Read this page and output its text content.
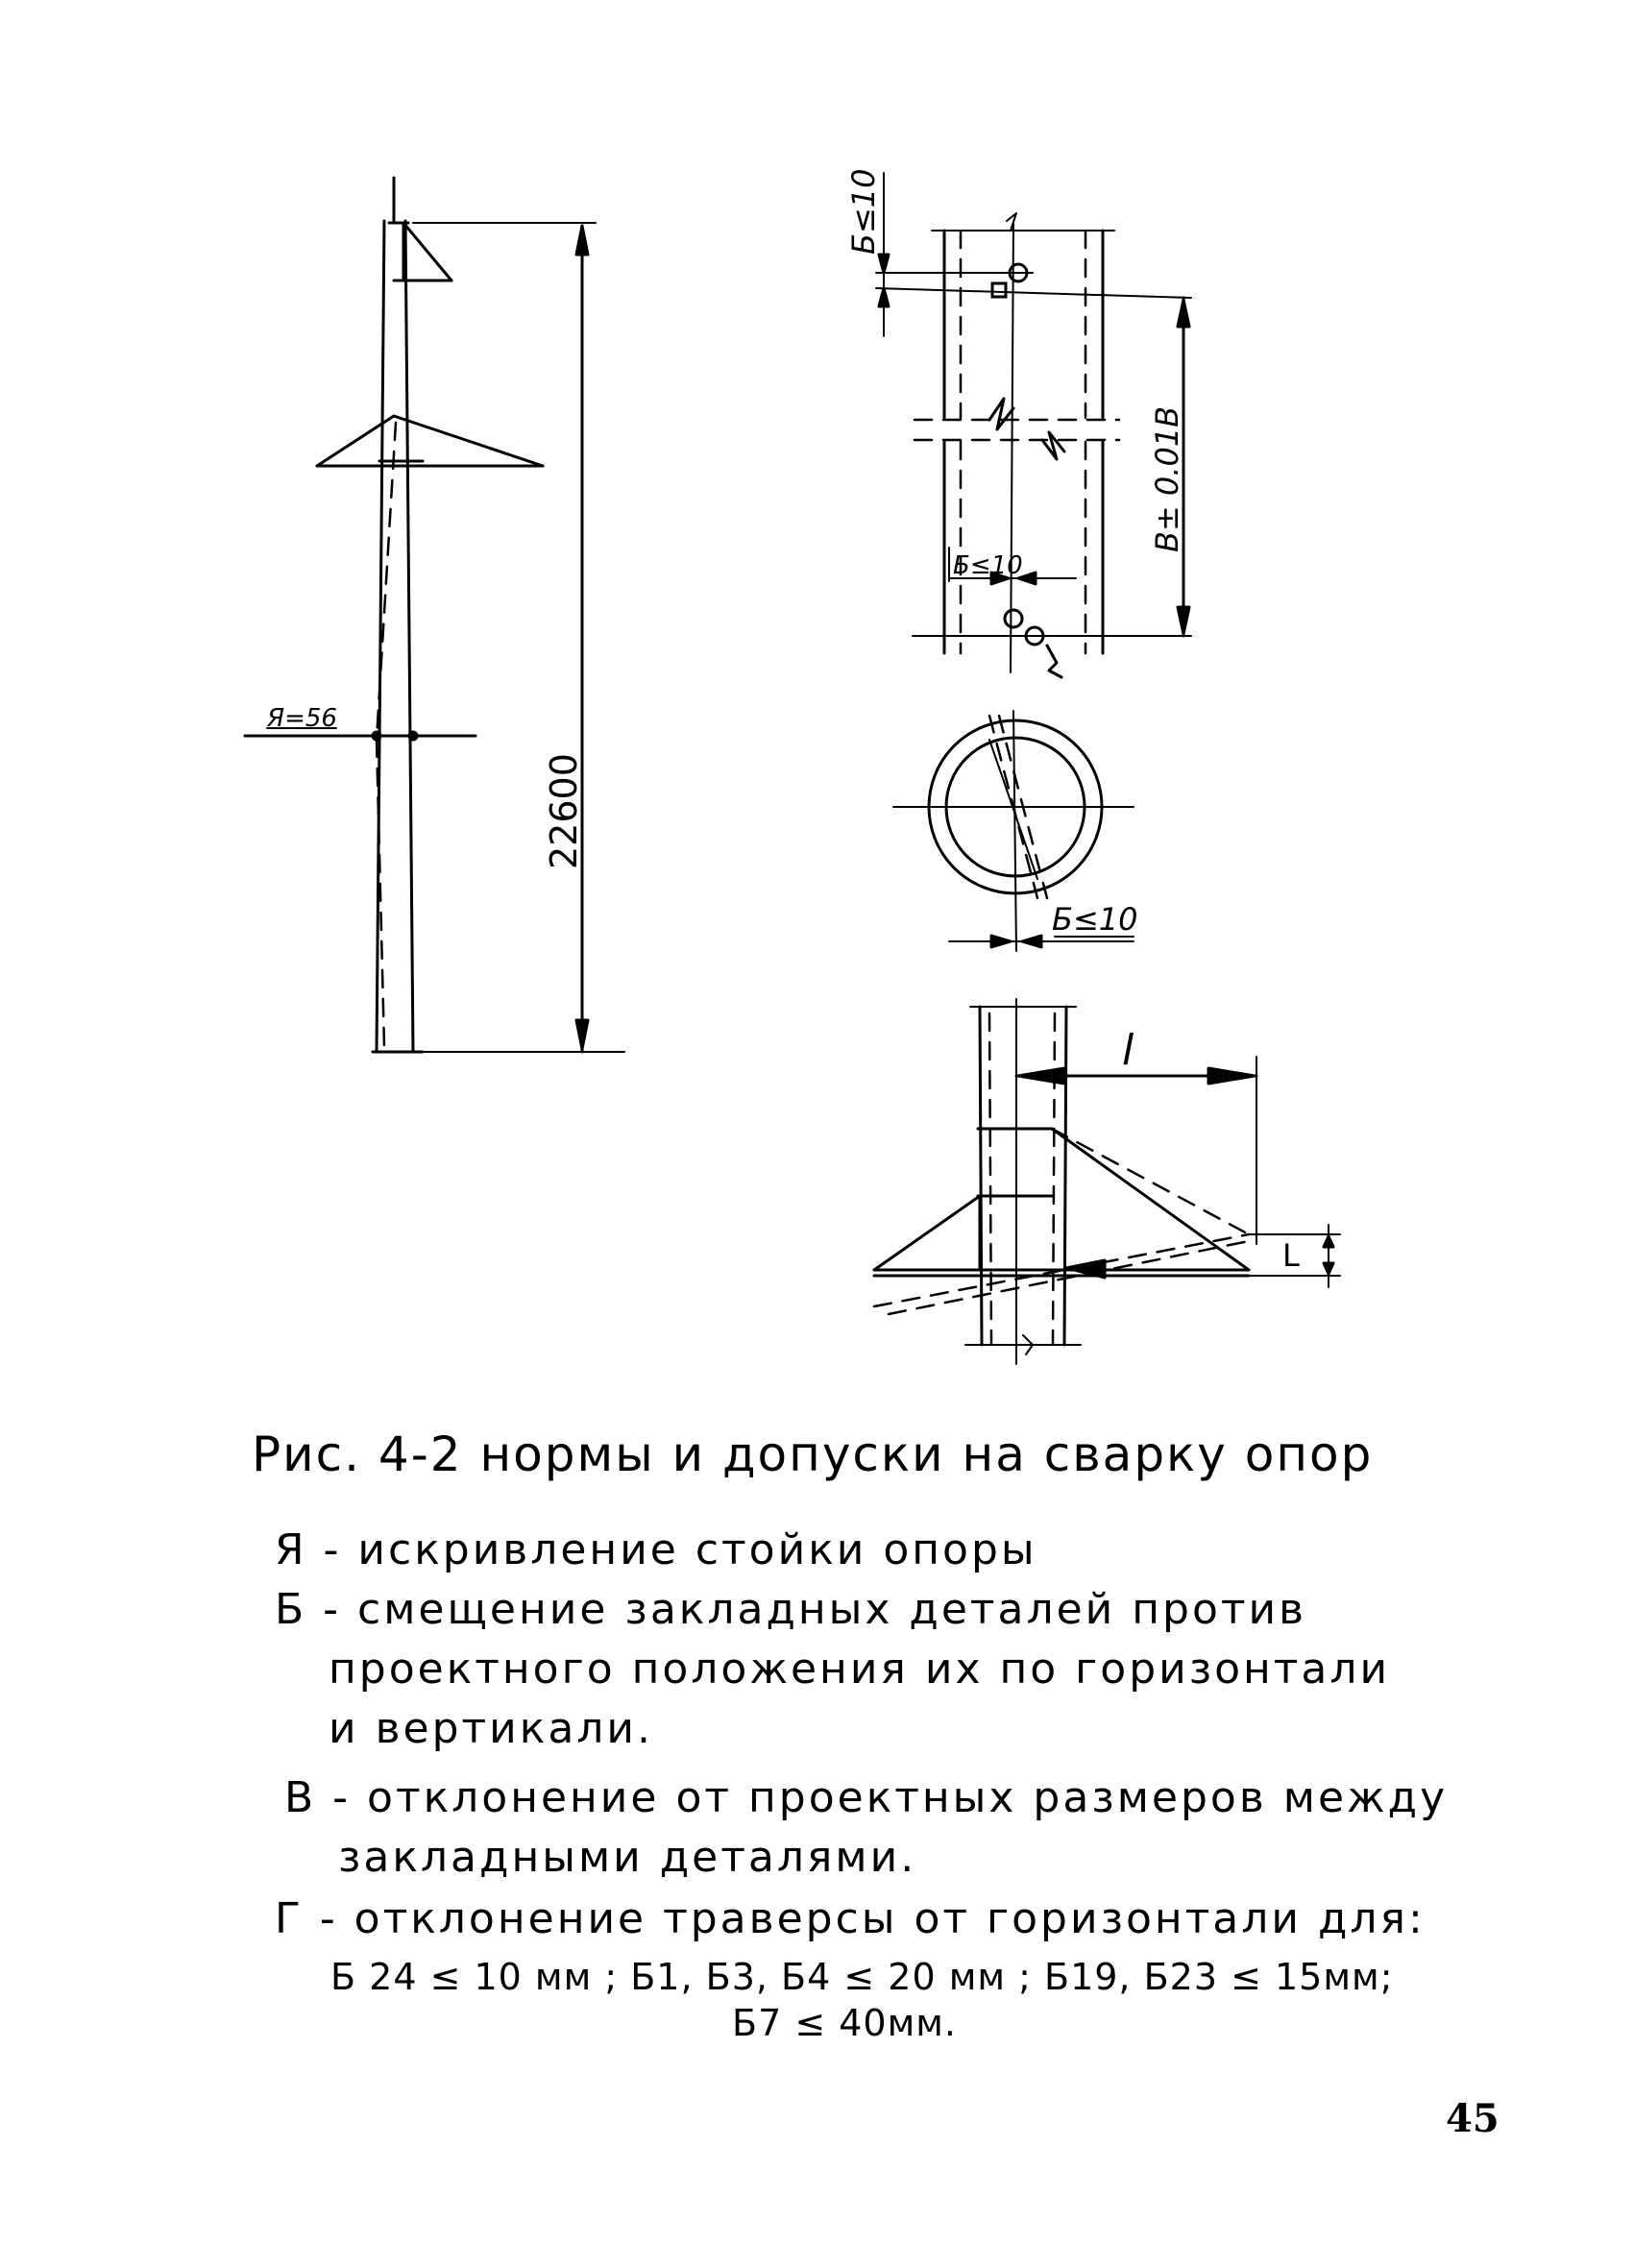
Я=56
22600
Б≤10
В± 0.01В
Б≤10
Б≤10
l
L
Рис. 4-2 нормы и допуски на сварку опор
Я - искривление стойки опоры
Б - смещение закладных деталей против
проектного положения их по горизонтали
и вертикали.
В - отклонение от проектных размеров между
закладными деталями.
Г - отклонение траверсы от горизонтали для:
Б 24 ≤ 10 мм ; Б1, Б3, Б4 ≤ 20 мм ; Б19, Б23 ≤ 15мм;
Б7 ≤ 40мм.
45
